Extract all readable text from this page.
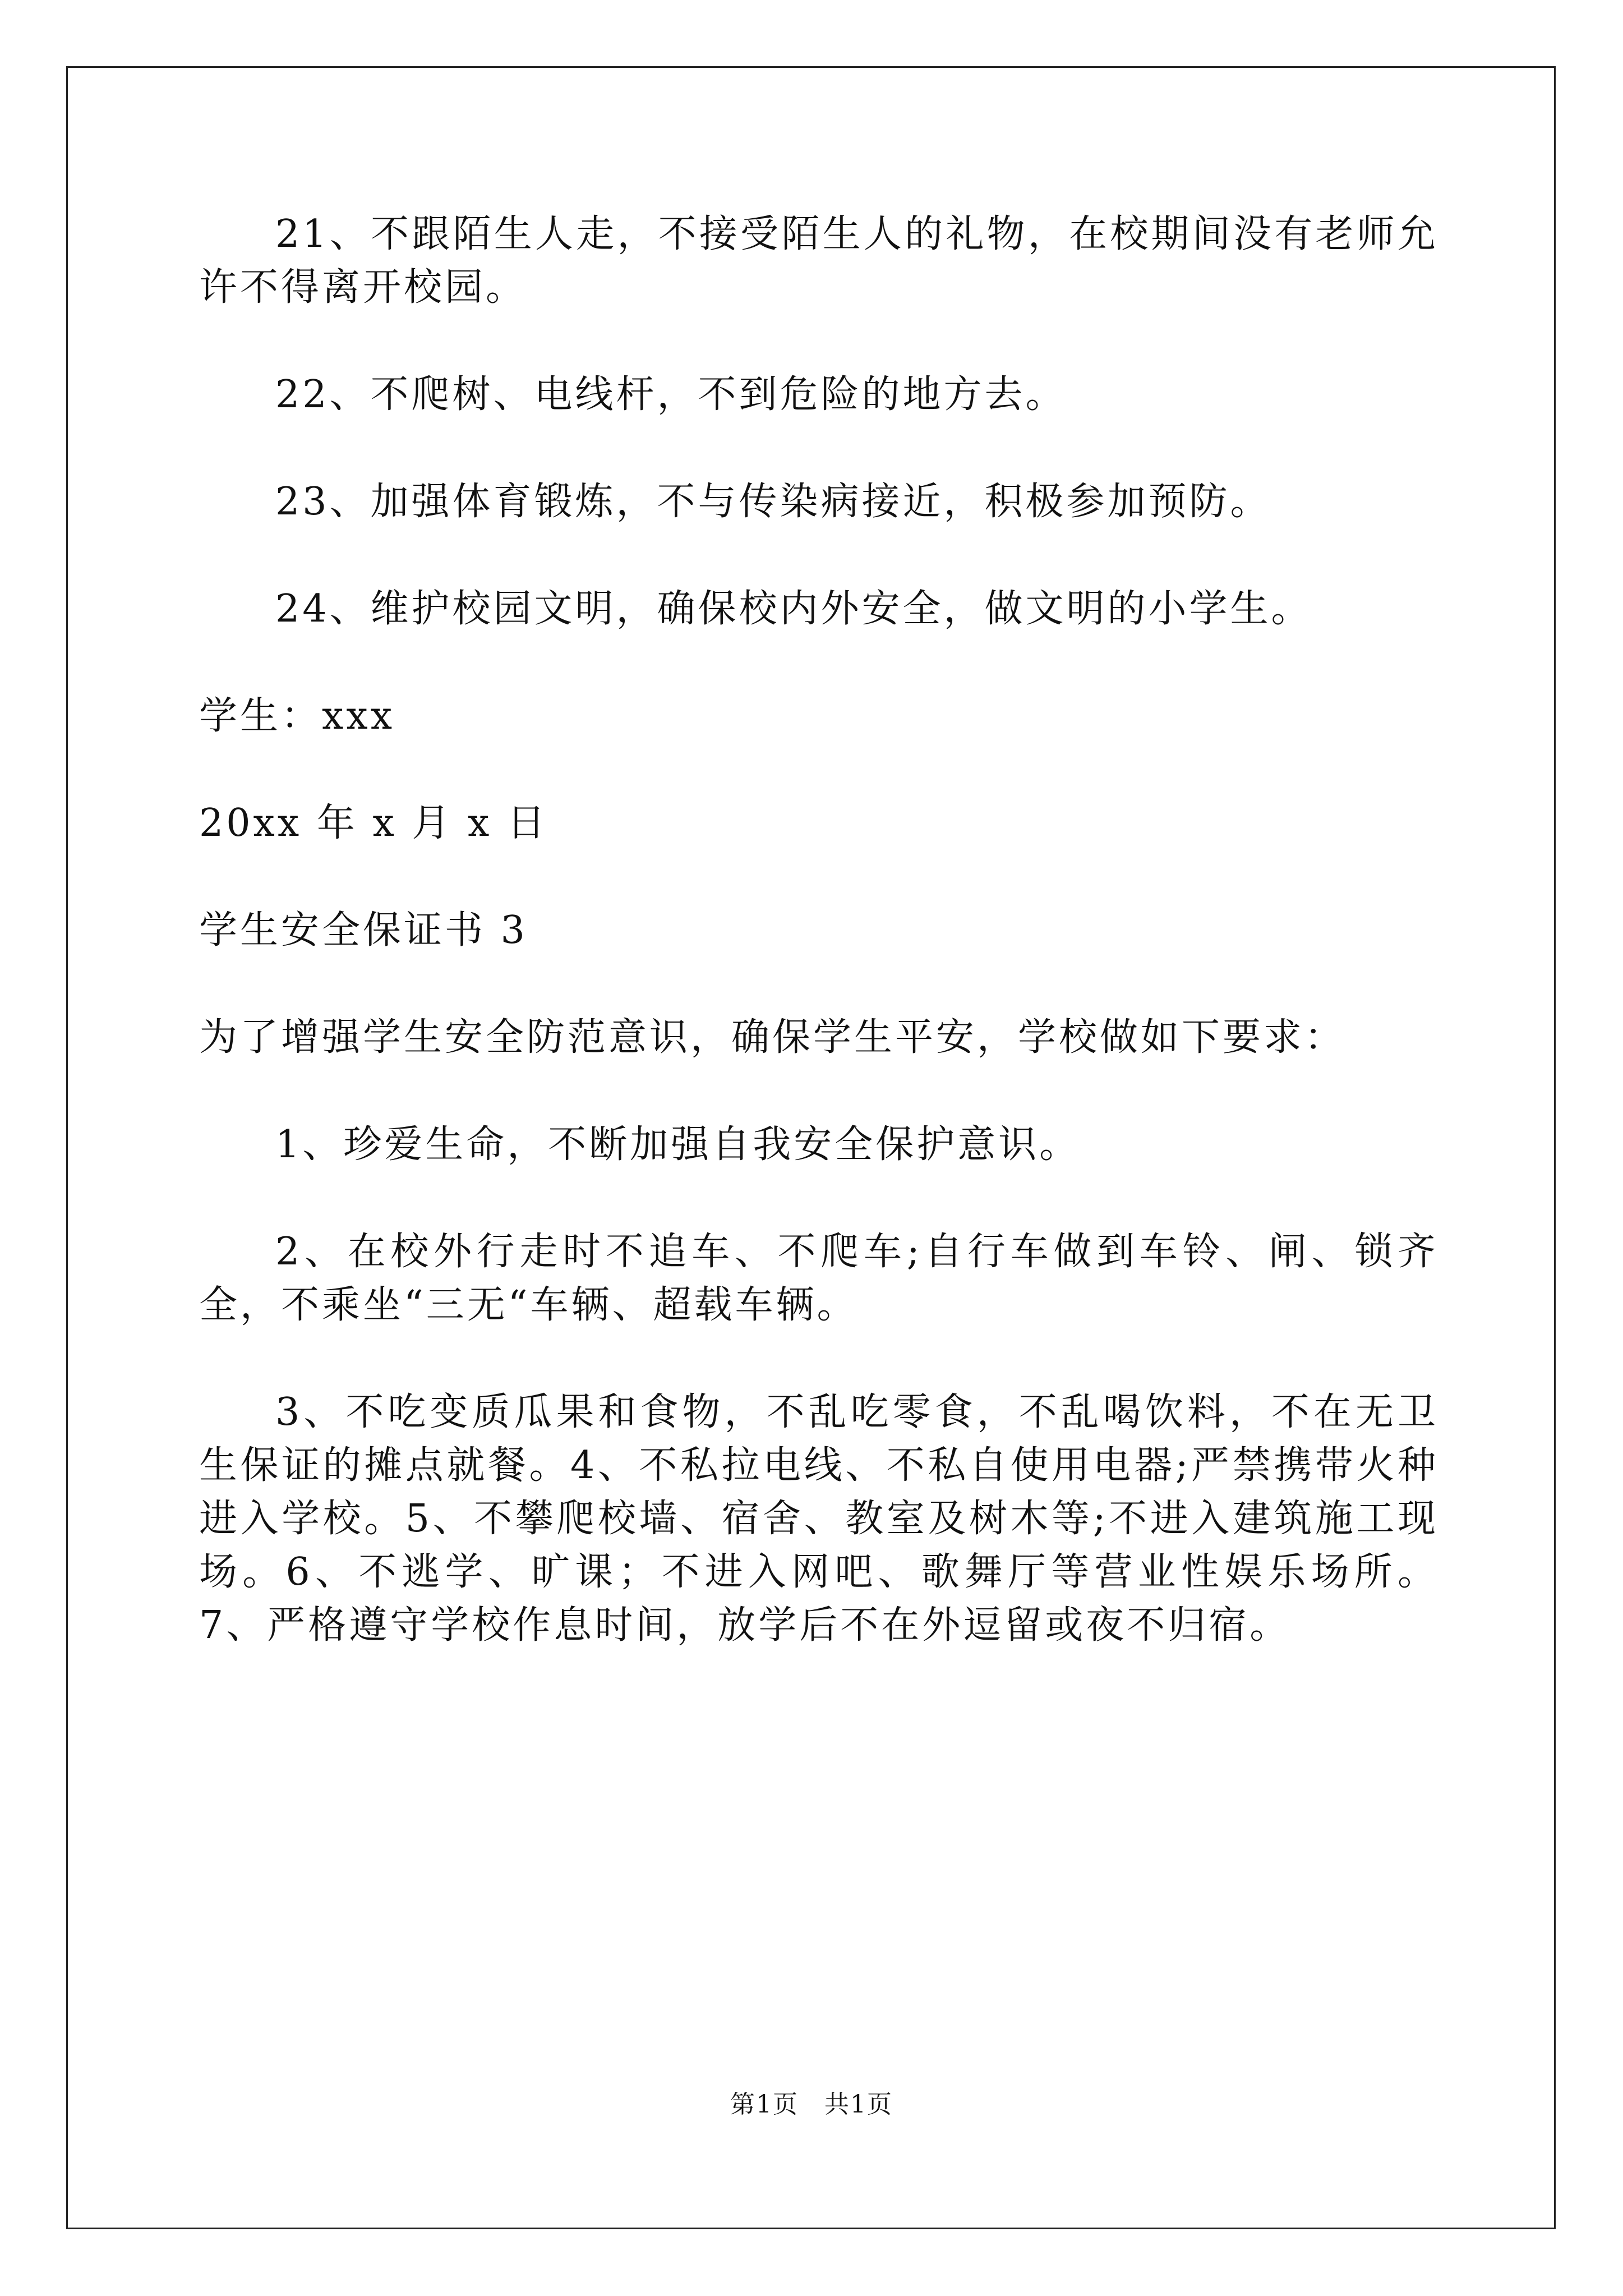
21、不跟陌生人走，不接受陌生人的礼物，在校期间没有老师允许不得离开校园。

22、不爬树、电线杆，不到危险的地方去。

23、加强体育锻炼，不与传染病接近，积极参加预防。

24、维护校园文明，确保校内外安全，做文明的小学生。

学生：xxx

20xx 年 x 月 x 日

学生安全保证书 3

为了增强学生安全防范意识，确保学生平安，学校做如下要求：

1、珍爱生命，不断加强自我安全保护意识。

2、在校外行走时不追车、不爬车;自行车做到车铃、闸、锁齐全，不乘坐“三无“车辆、超载车辆。

3、不吃变质瓜果和食物，不乱吃零食，不乱喝饮料，不在无卫生保证的摊点就餐。4、不私拉电线、不私自使用电器;严禁携带火种进入学校。5、不攀爬校墙、宿舍、教室及树木等;不进入建筑施工现场。6、不逃学、旷课；不进入网吧、歌舞厅等营业性娱乐场所。7、严格遵守学校作息时间，放学后不在外逗留或夜不归宿。

第1页　共1页
